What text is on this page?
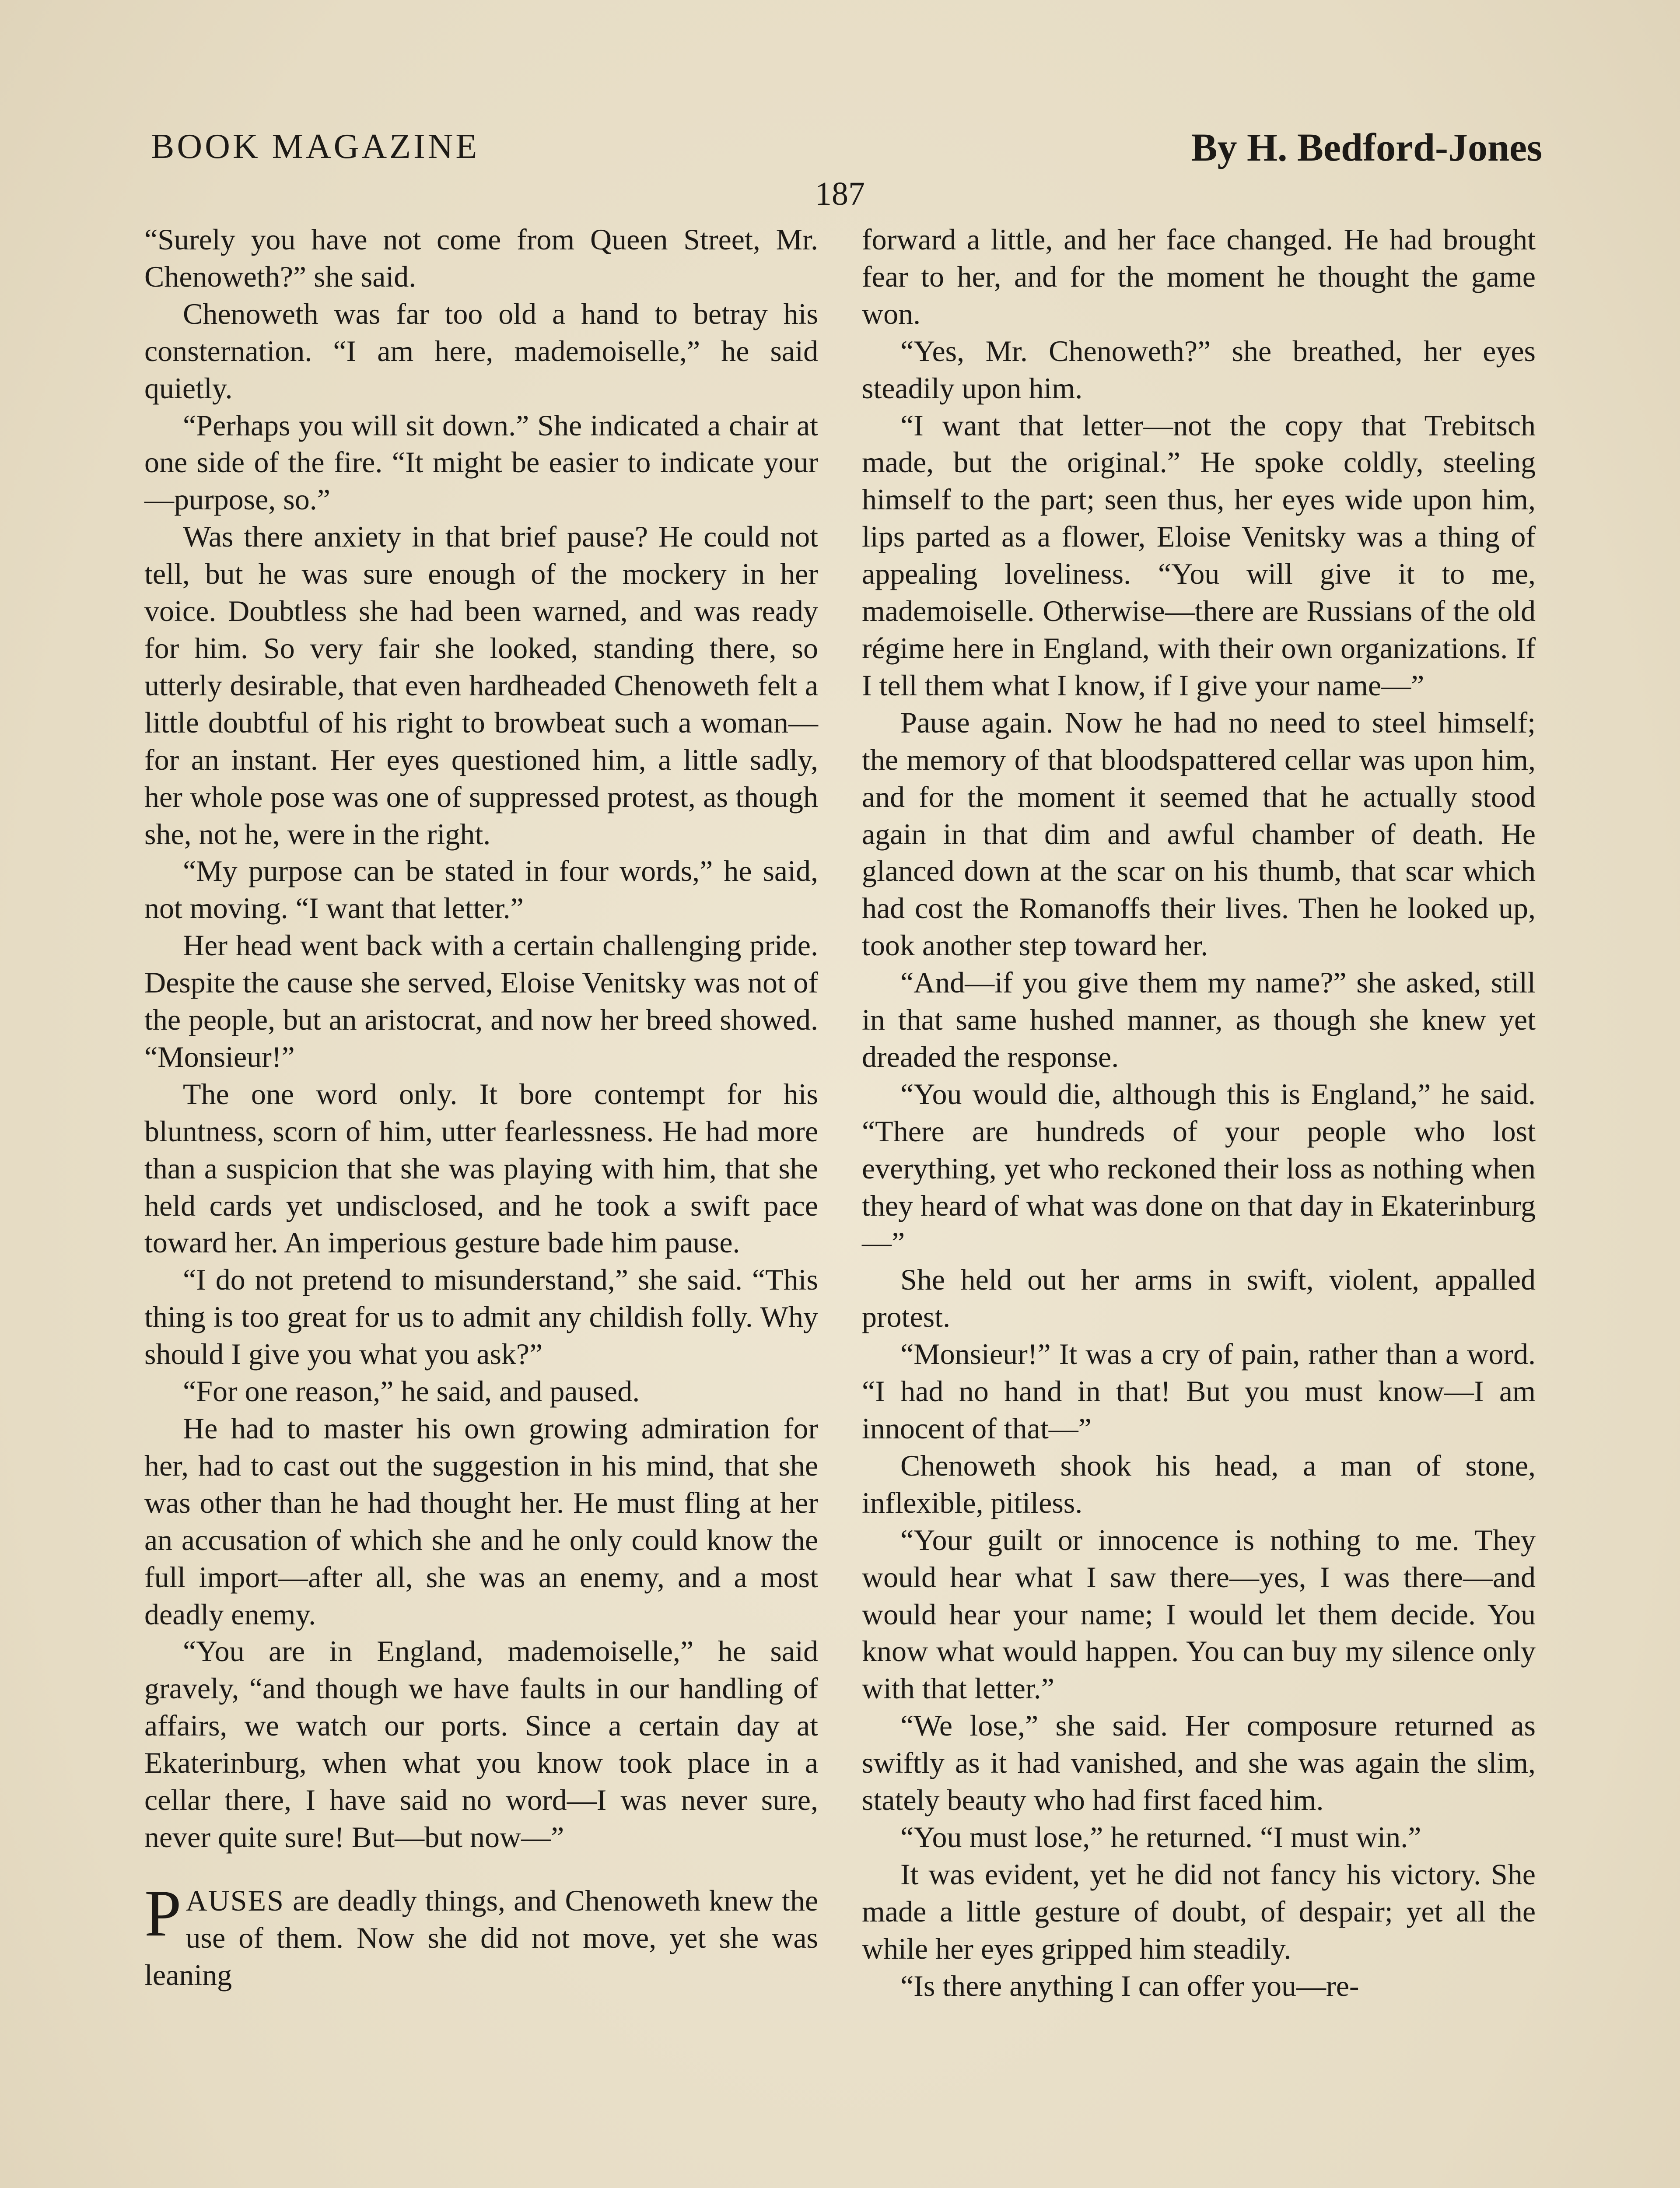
BOOK MAGAZINE	By H. Bedford-Jones
187

“Surely you have not come from Queen Street, Mr. Chenoweth?” she said.

Chenoweth was far too old a hand to betray his consternation. “I am here, mademoiselle,” he said quietly.

“Perhaps you will sit down.” She indicated a chair at one side of the fire. “It might be easier to indicate your—purpose, so.”

Was there anxiety in that brief pause? He could not tell, but he was sure enough of the mockery in her voice. Doubtless she had been warned, and was ready for him. So very fair she looked, standing there, so utterly desirable, that even hardheaded Chenoweth felt a little doubtful of his right to browbeat such a woman—for an instant. Her eyes questioned him, a little sadly, her whole pose was one of suppressed protest, as though she, not he, were in the right.

“My purpose can be stated in four words,” he said, not moving. “I want that letter.”

Her head went back with a certain challenging pride. Despite the cause she served, Eloise Venitsky was not of the people, but an aristocrat, and now her breed showed. “Monsieur!”

The one word only. It bore contempt for his bluntness, scorn of him, utter fearlessness. He had more than a suspicion that she was playing with him, that she held cards yet undisclosed, and he took a swift pace toward her. An imperious gesture bade him pause.

“I do not pretend to misunderstand,” she said. “This thing is too great for us to admit any childish folly. Why should I give you what you ask?”

“For one reason,” he said, and paused.

He had to master his own growing admiration for her, had to cast out the suggestion in his mind, that she was other than he had thought her. He must fling at her an accusation of which she and he only could know the full import—after all, she was an enemy, and a most deadly enemy.

“You are in England, mademoiselle,” he said gravely, “and though we have faults in our handling of affairs, we watch our ports. Since a certain day at Ekaterinburg, when what you know took place in a cellar there, I have said no word—I was never sure, never quite sure! But—but now—”

PAUSES are deadly things, and Chenoweth knew the use of them. Now she did not move, yet she was leaning

forward a little, and her face changed. He had brought fear to her, and for the moment he thought the game won.

“Yes, Mr. Chenoweth?” she breathed, her eyes steadily upon him.

“I want that letter—not the copy that Trebitsch made, but the original.” He spoke coldly, steeling himself to the part; seen thus, her eyes wide upon him, lips parted as a flower, Eloise Venitsky was a thing of appealing loveliness. “You will give it to me, mademoiselle. Otherwise—there are Russians of the old régime here in England, with their own organizations. If I tell them what I know, if I give your name—”

Pause again. Now he had no need to steel himself; the memory of that bloodspattered cellar was upon him, and for the moment it seemed that he actually stood again in that dim and awful chamber of death. He glanced down at the scar on his thumb, that scar which had cost the Romanoffs their lives. Then he looked up, took another step toward her.

“And—if you give them my name?” she asked, still in that same hushed manner, as though she knew yet dreaded the response.

“You would die, although this is England,” he said. “There are hundreds of your people who lost everything, yet who reckoned their loss as nothing when they heard of what was done on that day in Ekaterinburg—”

She held out her arms in swift, violent, appalled protest.

“Monsieur!” It was a cry of pain, rather than a word. “I had no hand in that! But you must know—I am innocent of that—”

Chenoweth shook his head, a man of stone, inflexible, pitiless.

“Your guilt or innocence is nothing to me. They would hear what I saw there—yes, I was there—and would hear your name; I would let them decide. You know what would happen. You can buy my silence only with that letter.”

“We lose,” she said. Her composure returned as swiftly as it had vanished, and she was again the slim, stately beauty who had first faced him.

“You must lose,” he returned. “I must win.”

It was evident, yet he did not fancy his victory. She made a little gesture of doubt, of despair; yet all the while her eyes gripped him steadily.

“Is there anything I can offer you—re-
